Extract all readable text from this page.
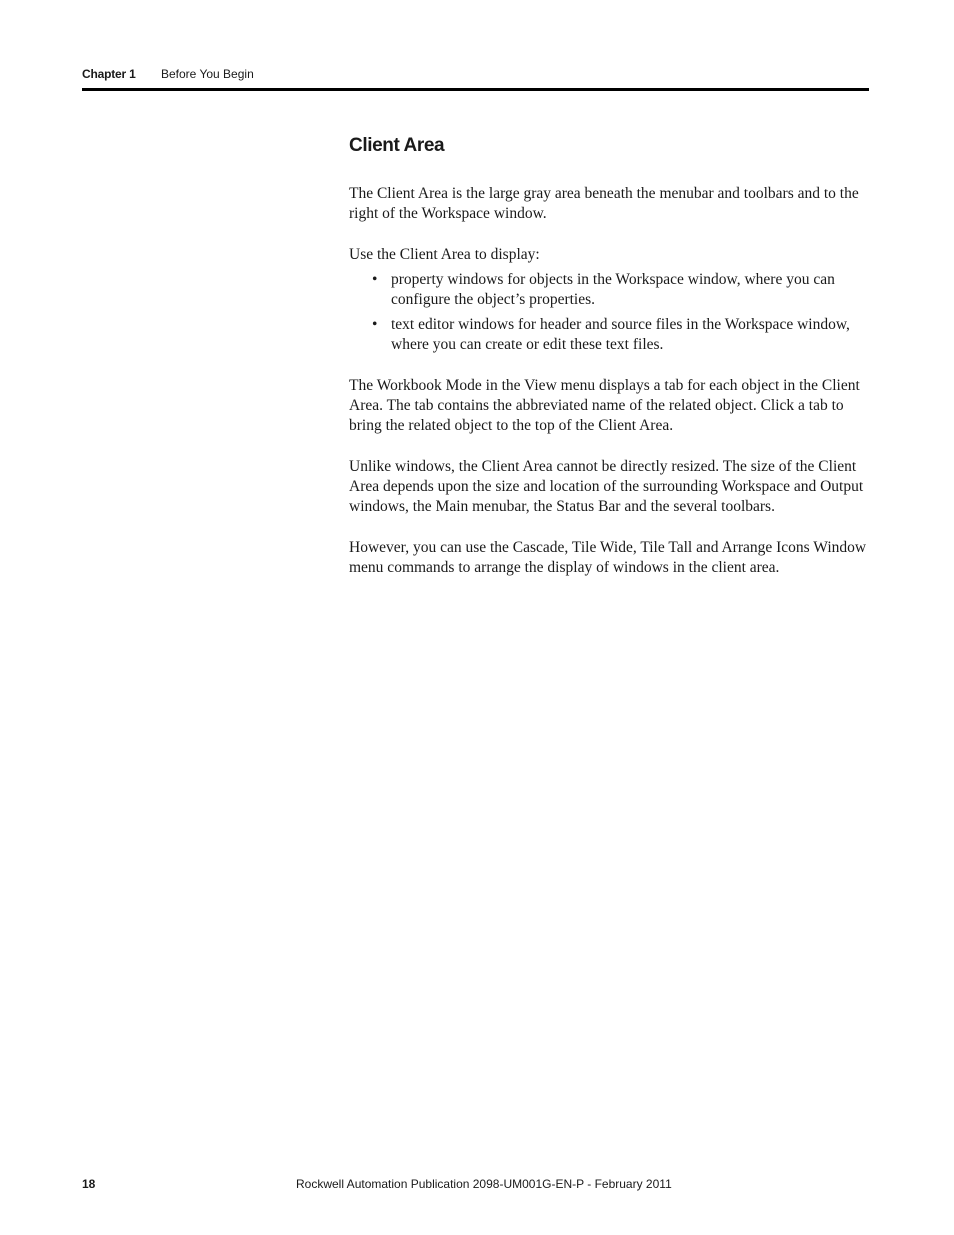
Chapter 1 Before You Begin
Client Area

The Client Area is the large gray area beneath the menubar and toolbars and to the right of the Workspace window.

Use the Client Area to display:

• property windows for objects in the Workspace window, where you can configure the object’s properties.
• text editor windows for header and source files in the Workspace window, where you can create or edit these text files.

The Workbook Mode in the View menu displays a tab for each object in the Client Area. The tab contains the abbreviated name of the related object. Click a tab to bring the related object to the top of the Client Area.

Unlike windows, the Client Area cannot be directly resized. The size of the Client Area depends upon the size and location of the surrounding Workspace and Output windows, the Main menubar, the Status Bar and the several toolbars.

However, you can use the Cascade, Tile Wide, Tile Tall and Arrange Icons Window menu commands to arrange the display of windows in the client area.

18	Rockwell Automation Publication 2098-UM001G-EN-P - February 2011
